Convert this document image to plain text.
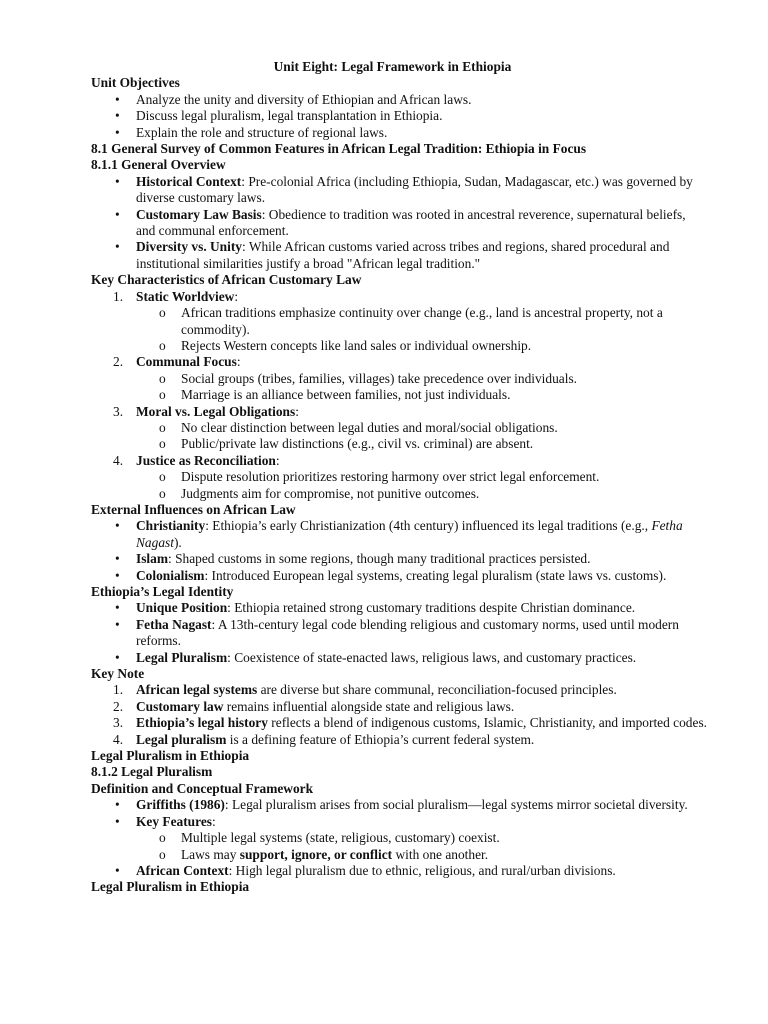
Unit Eight: Legal Framework in Ethiopia
Unit Objectives
• Analyze the unity and diversity of Ethiopian and African laws.
• Discuss legal pluralism, legal transplantation in Ethiopia.
• Explain the role and structure of regional laws.
8.1 General Survey of Common Features in African Legal Tradition: Ethiopia in Focus
8.1.1 General Overview
• Historical Context: Pre-colonial Africa (including Ethiopia, Sudan, Madagascar, etc.) was governed by diverse customary laws.
• Customary Law Basis: Obedience to tradition was rooted in ancestral reverence, supernatural beliefs, and communal enforcement.
• Diversity vs. Unity: While African customs varied across tribes and regions, shared procedural and institutional similarities justify a broad "African legal tradition."
Key Characteristics of African Customary Law
1. Static Worldview:
o African traditions emphasize continuity over change (e.g., land is ancestral property, not a commodity).
o Rejects Western concepts like land sales or individual ownership.
2. Communal Focus:
o Social groups (tribes, families, villages) take precedence over individuals.
o Marriage is an alliance between families, not just individuals.
3. Moral vs. Legal Obligations:
o No clear distinction between legal duties and moral/social obligations.
o Public/private law distinctions (e.g., civil vs. criminal) are absent.
4. Justice as Reconciliation:
o Dispute resolution prioritizes restoring harmony over strict legal enforcement.
o Judgments aim for compromise, not punitive outcomes.
External Influences on African Law
• Christianity: Ethiopia’s early Christianization (4th century) influenced its legal traditions (e.g., Fetha Nagast).
• Islam: Shaped customs in some regions, though many traditional practices persisted.
• Colonialism: Introduced European legal systems, creating legal pluralism (state laws vs. customs).
Ethiopia’s Legal Identity
• Unique Position: Ethiopia retained strong customary traditions despite Christian dominance.
• Fetha Nagast: A 13th-century legal code blending religious and customary norms, used until modern reforms.
• Legal Pluralism: Coexistence of state-enacted laws, religious laws, and customary practices.
Key Note
1. African legal systems are diverse but share communal, reconciliation-focused principles.
2. Customary law remains influential alongside state and religious laws.
3. Ethiopia’s legal history reflects a blend of indigenous customs, Islamic, Christianity, and imported codes.
4. Legal pluralism is a defining feature of Ethiopia’s current federal system.
Legal Pluralism in Ethiopia
8.1.2 Legal Pluralism
Definition and Conceptual Framework
• Griffiths (1986): Legal pluralism arises from social pluralism—legal systems mirror societal diversity.
• Key Features:
o Multiple legal systems (state, religious, customary) coexist.
o Laws may support, ignore, or conflict with one another.
• African Context: High legal pluralism due to ethnic, religious, and rural/urban divisions.
Legal Pluralism in Ethiopia
